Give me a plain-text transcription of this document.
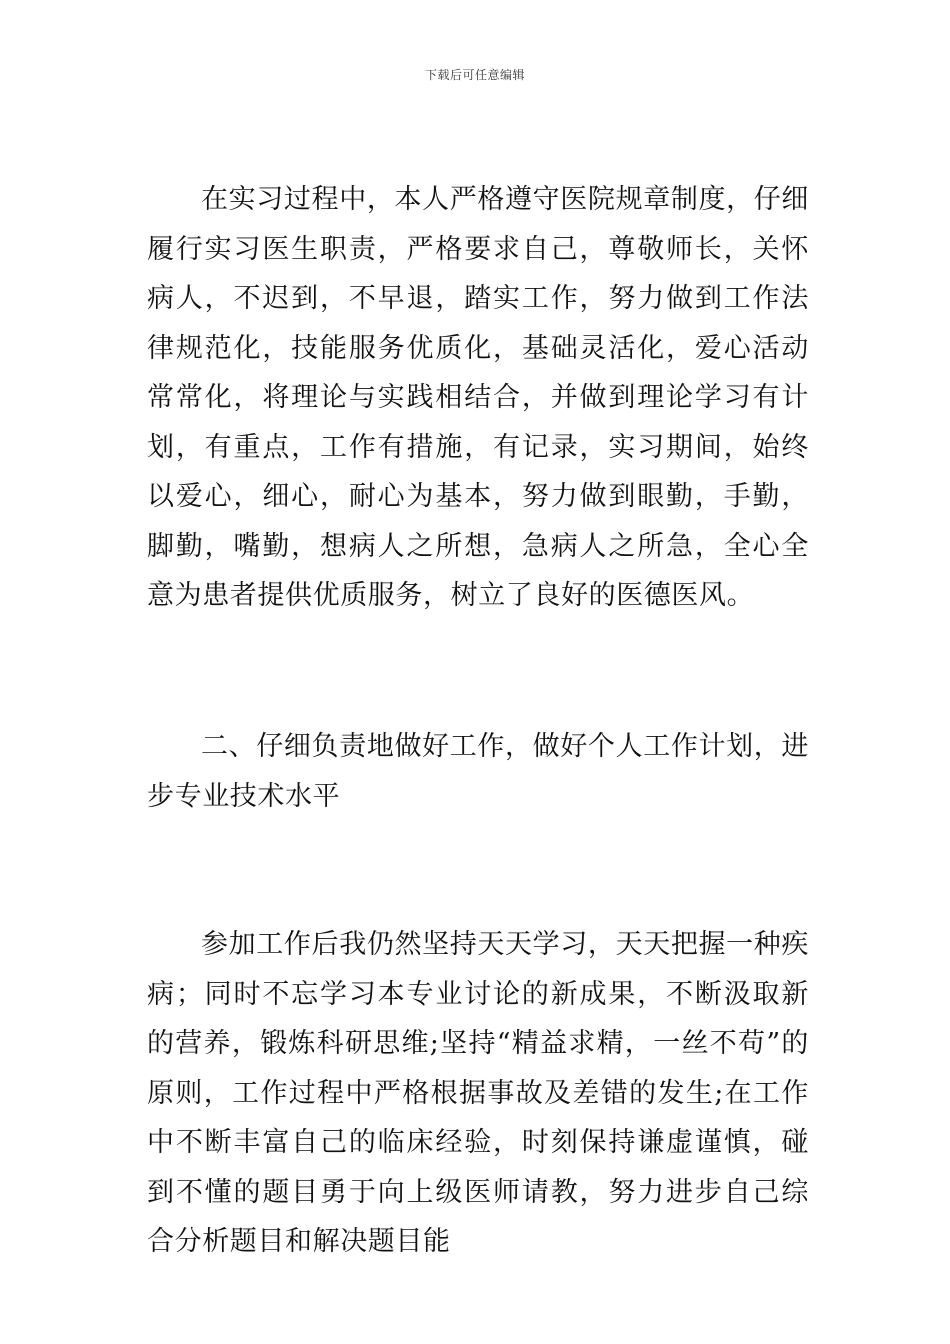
下载后可任意编辑

在实习过程中，本人严格遵守医院规章制度，仔细履行实习医生职责，严格要求自己，尊敬师长，关怀病人，不迟到，不早退，踏实工作，努力做到工作法律规范化，技能服务优质化，基础灵活化，爱心活动常常化，将理论与实践相结合，并做到理论学习有计划，有重点，工作有措施，有记录，实习期间，始终以爱心，细心，耐心为基本，努力做到眼勤，手勤，脚勤，嘴勤，想病人之所想，急病人之所急，全心全意为患者提供优质服务，树立了良好的医德医风。

二、仔细负责地做好工作，做好个人工作计划，进步专业技术水平

参加工作后我仍然坚持天天学习，天天把握一种疾病；同时不忘学习本专业讨论的新成果，不断汲取新的营养，锻炼科研思维;坚持“精益求精，一丝不苟”的原则，工作过程中严格根据事故及差错的发生;在工作中不断丰富自己的临床经验，时刻保持谦虚谨慎，碰到不懂的题目勇于向上级医师请教，努力进步自己综合分析题目和解决题目能
